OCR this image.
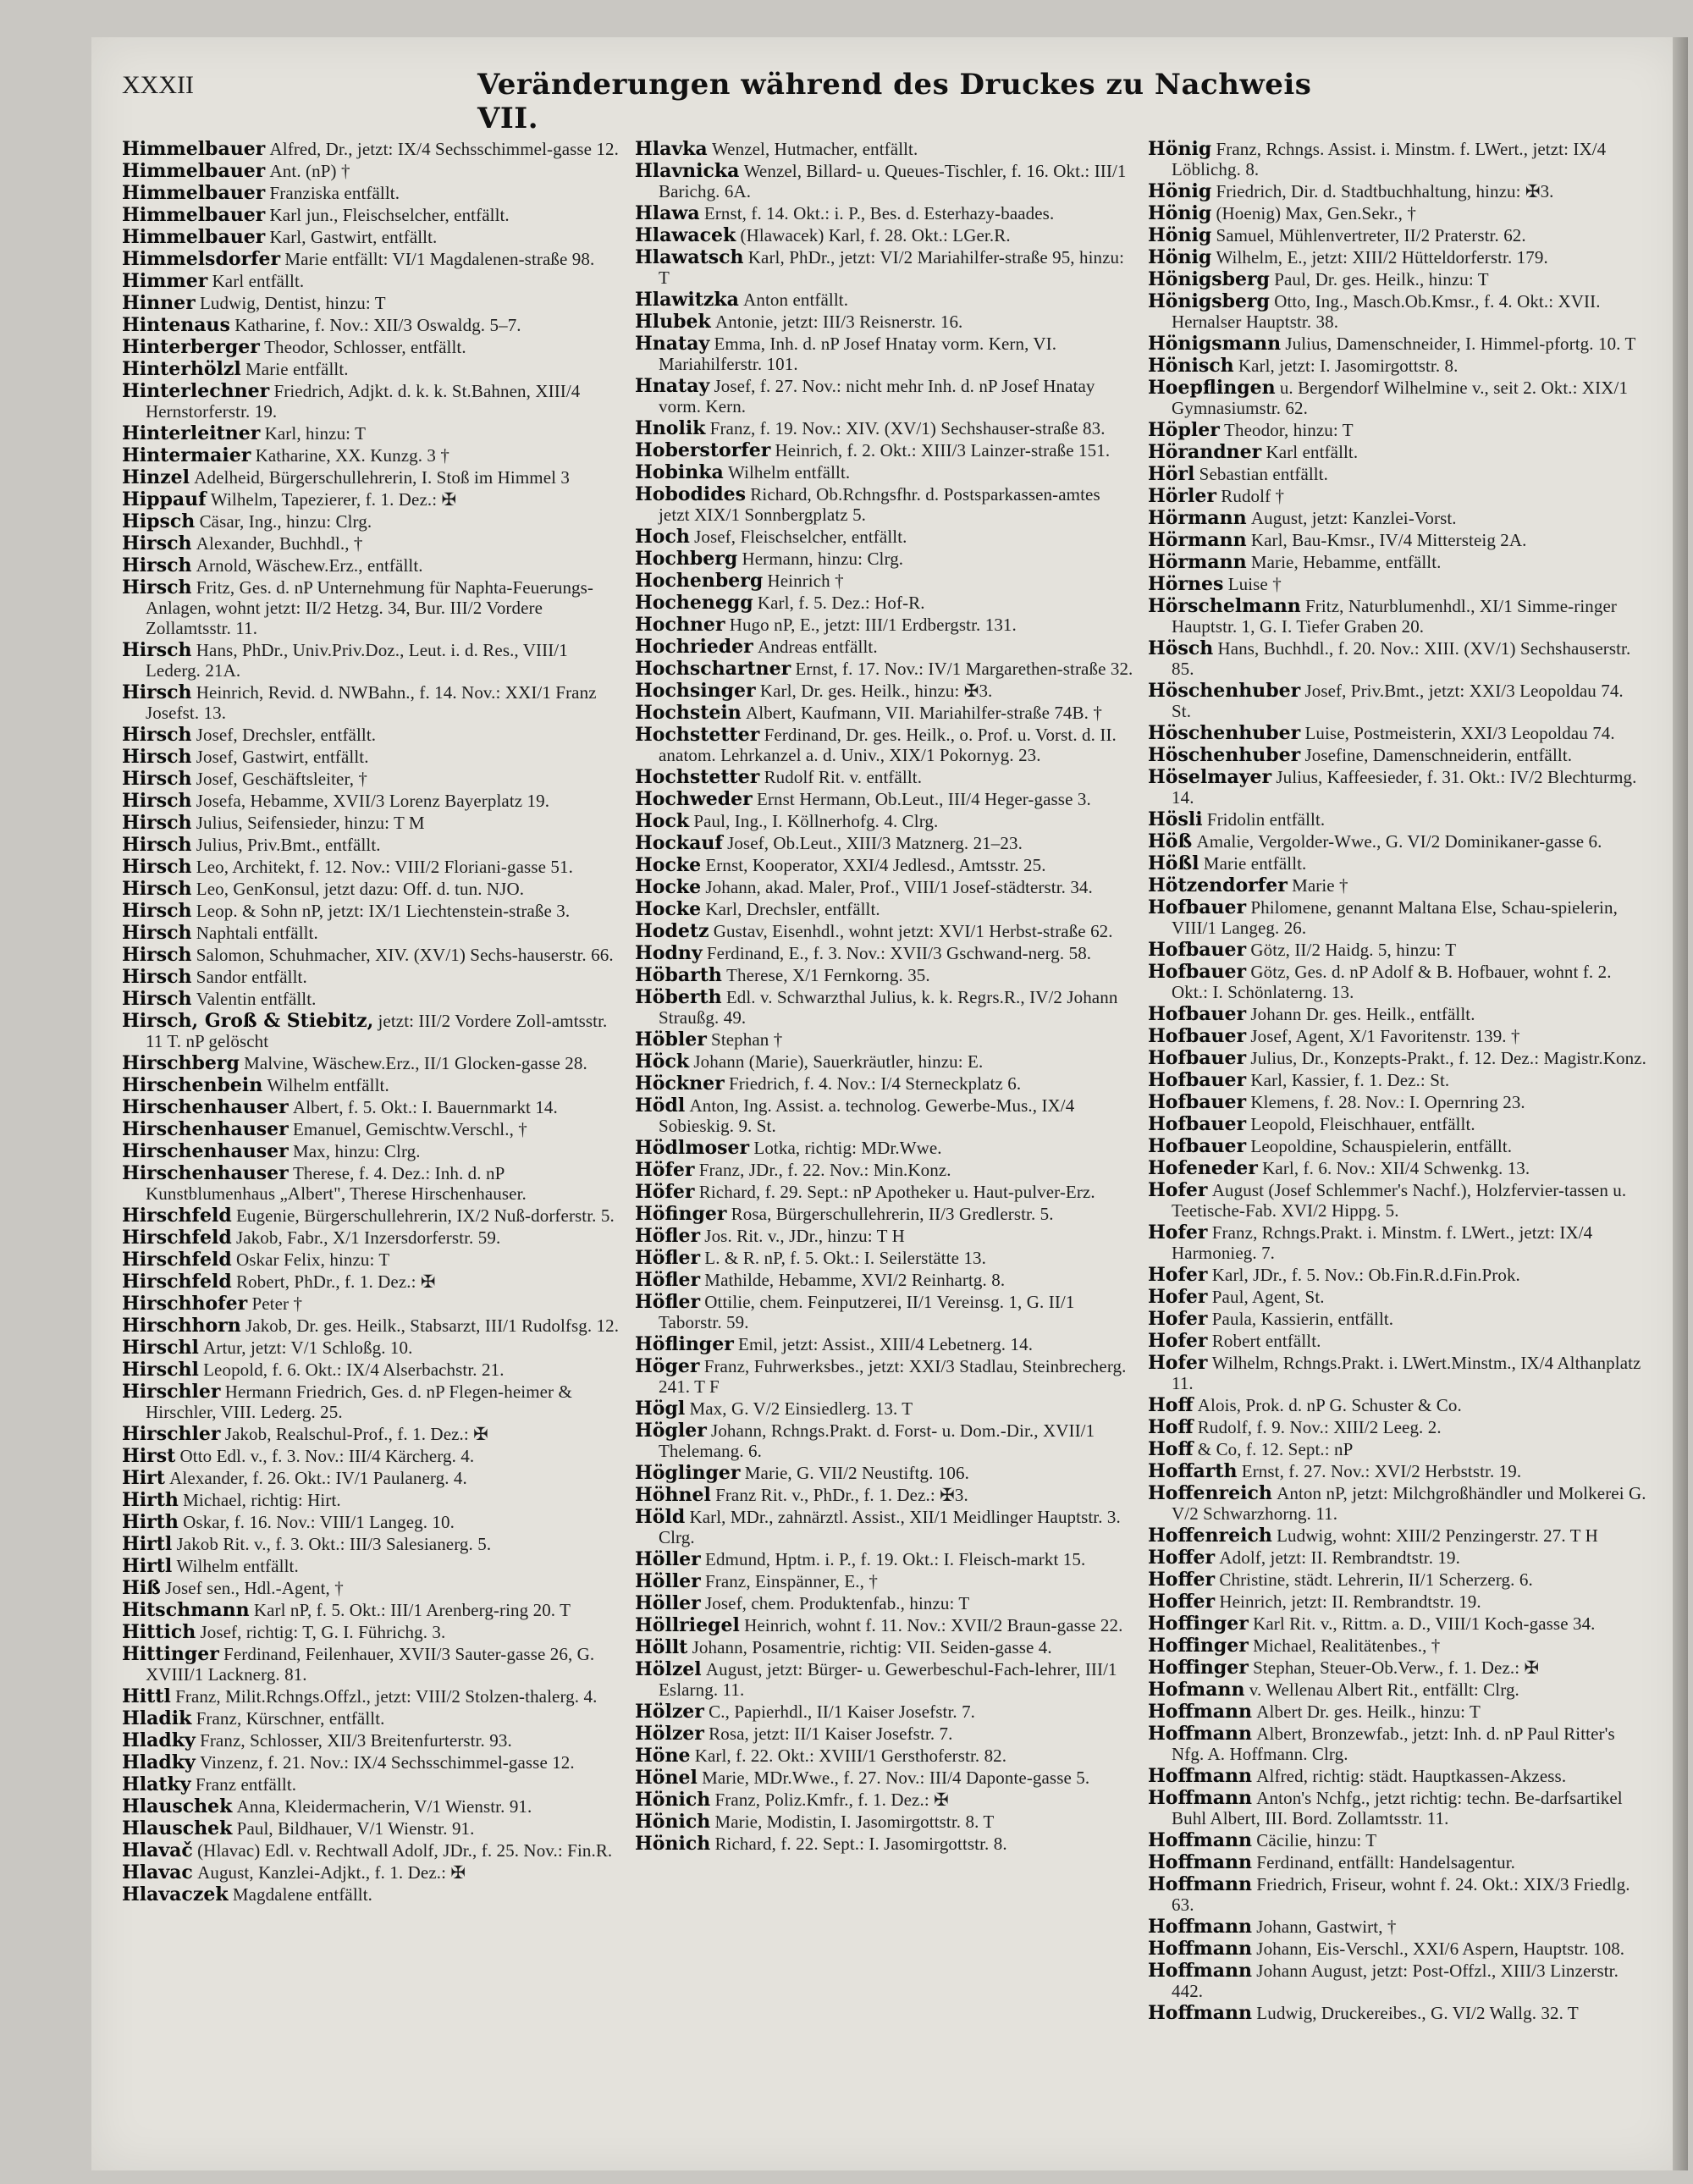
XXXII	Veränderungen während des Druckes zu Nachweis VII.
Himmelbauer Alfred, Dr., jetzt: IX/4 Sechsschimmel-gasse 12.
Himmelbauer Ant. (nP) †
Himmelbauer Franziska entfällt.
Himmelbauer Karl jun., Fleischselcher, entfällt.
Himmelbauer Karl, Gastwirt, entfällt.
Himmelsdorfer Marie entfällt: VI/1 Magdalenen-straße 98.
Himmer Karl entfällt.
Hinner Ludwig, Dentist, hinzu: T
Hintenaus Katharine, f. Nov.: XII/3 Oswaldg. 5–7.
Hinterberger Theodor, Schlosser, entfällt.
Hinterhölzl Marie entfällt.
Hinterlechner Friedrich, Adjkt. d. k. k. St.Bahnen, XIII/4 Hernstorferstr. 19.
Hinterleitner Karl, hinzu: T
Hintermaier Katharine, XX. Kunzg. 3 †
Hinzel Adelheid, Bürgerschullehrerin, I. Stoß im Himmel 3
Hippauf Wilhelm, Tapezierer, f. 1. Dez.: ✠
Hipsch Cäsar, Ing., hinzu: Clrg.
Hirsch Alexander, Buchhdl., †
Hirsch Arnold, Wäschew.Erz., entfällt.
Hirsch Fritz, Ges. d. nP Unternehmung für Naphta-Feuerungs-Anlagen, wohnt jetzt: II/2 Hetzg. 34, Bur. III/2 Vordere Zollamtsstr. 11.
Hirsch Hans, PhDr., Univ.Priv.Doz., Leut. i. d. Res., VIII/1 Lederg. 21A.
Hirsch Heinrich, Revid. d. NWBahn., f. 14. Nov.: XXI/1 Franz Josefst. 13.
Hirsch Josef, Drechsler, entfällt.
Hirsch Josef, Gastwirt, entfällt.
Hirsch Josef, Geschäftsleiter, †
Hirsch Josefa, Hebamme, XVII/3 Lorenz Bayerplatz 19.
Hirsch Julius, Seifensieder, hinzu: T M
Hirsch Julius, Priv.Bmt., entfällt.
Hirsch Leo, Architekt, f. 12. Nov.: VIII/2 Floriani-gasse 51.
Hirsch Leo, GenKonsul, jetzt dazu: Off. d. tun. NJO.
Hirsch Leop. & Sohn nP, jetzt: IX/1 Liechtenstein-straße 3.
Hirsch Naphtali entfällt.
Hirsch Salomon, Schuhmacher, XIV. (XV/1) Sechs-hauserstr. 66.
Hirsch Sandor entfällt.
Hirsch Valentin entfällt.
Hirsch, Groß & Stiebitz, jetzt: III/2 Vordere Zoll-amtsstr. 11 T. nP gelöscht
Hirschberg Malvine, Wäschew.Erz., II/1 Glocken-gasse 28.
Hirschenbein Wilhelm entfällt.
Hirschenhauser Albert, f. 5. Okt.: I. Bauernmarkt 14.
Hirschenhauser Emanuel, Gemischtw.Verschl., †
Hirschenhauser Max, hinzu: Clrg.
Hirschenhauser Therese, f. 4. Dez.: Inh. d. nP Kunstblumenhaus „Albert", Therese Hirschenhauser.
Hirschfeld Eugenie, Bürgerschullehrerin, IX/2 Nuß-dorferstr. 5.
Hirschfeld Jakob, Fabr., X/1 Inzersdorferstr. 59.
Hirschfeld Oskar Felix, hinzu: T
Hirschfeld Robert, PhDr., f. 1. Dez.: ✠
Hirschhofer Peter †
Hirschhorn Jakob, Dr. ges. Heilk., Stabsarzt, III/1 Rudolfsg. 12.
Hirschl Artur, jetzt: V/1 Schloßg. 10.
Hirschl Leopold, f. 6. Okt.: IX/4 Alserbachstr. 21.
Hirschler Hermann Friedrich, Ges. d. nP Flegen-heimer & Hirschler, VIII. Lederg. 25.
Hirschler Jakob, Realschul-Prof., f. 1. Dez.: ✠
Hirst Otto Edl. v., f. 3. Nov.: III/4 Kärcherg. 4.
Hirt Alexander, f. 26. Okt.: IV/1 Paulanerg. 4.
Hirth Michael, richtig: Hirt.
Hirth Oskar, f. 16. Nov.: VIII/1 Langeg. 10.
Hirtl Jakob Rit. v., f. 3. Okt.: III/3 Salesianerg. 5.
Hirtl Wilhelm entfällt.
Hiß Josef sen., Hdl.-Agent, †
Hitschmann Karl nP, f. 5. Okt.: III/1 Arenberg-ring 20. T
Hittich Josef, richtig: T, G. I. Führichg. 3.
Hittinger Ferdinand, Feilenhauer, XVII/3 Sauter-gasse 26, G. XVIII/1 Lacknerg. 81.
Hittl Franz, Milit.Rchngs.Offzl., jetzt: VIII/2 Stolzen-thalerg. 4.
Hladik Franz, Kürschner, entfällt.
Hladky Franz, Schlosser, XII/3 Breitenfurterstr. 93.
Hladky Vinzenz, f. 21. Nov.: IX/4 Sechsschimmel-gasse 12.
Hlatky Franz entfällt.
Hlauschek Anna, Kleidermacherin, V/1 Wienstr. 91.
Hlauschek Paul, Bildhauer, V/1 Wienstr. 91.
Hlavač (Hlavac) Edl. v. Rechtwall Adolf, JDr., f. 25. Nov.: Fin.R.
Hlavac August, Kanzlei-Adjkt., f. 1. Dez.: ✠
Hlavaczek Magdalene entfällt.
Hlavka Wenzel, Hutmacher, entfällt.
Hlavnicka Wenzel, Billard- u. Queues-Tischler, f. 16. Okt.: III/1 Barichg. 6A.
Hlawa Ernst, f. 14. Okt.: i. P., Bes. d. Esterhazy-baades.
Hlawacek (Hlawacek) Karl, f. 28. Okt.: LGer.R.
Hlawatsch Karl, PhDr., jetzt: VI/2 Mariahilfer-straße 95, hinzu: T
Hlawitzka Anton entfällt.
Hlubek Antonie, jetzt: III/3 Reisnerstr. 16.
Hnatay Emma, Inh. d. nP Josef Hnatay vorm. Kern, VI. Mariahilferstr. 101.
Hnatay Josef, f. 27. Nov.: nicht mehr Inh. d. nP Josef Hnatay vorm. Kern.
Hnolik Franz, f. 19. Nov.: XIV. (XV/1) Sechshauser-straße 83.
Hoberstorfer Heinrich, f. 2. Okt.: XIII/3 Lainzer-straße 151.
Hobinka Wilhelm entfällt.
Hobodides Richard, Ob.Rchngsfhr. d. Postsparkassen-amtes jetzt XIX/1 Sonnbergplatz 5.
Hoch Josef, Fleischselcher, entfällt.
Hochberg Hermann, hinzu: Clrg.
Hochenberg Heinrich †
Hochenegg Karl, f. 5. Dez.: Hof-R.
Hochner Hugo nP, E., jetzt: III/1 Erdbergstr. 131.
Hochrieder Andreas entfällt.
Hochschartner Ernst, f. 17. Nov.: IV/1 Margarethen-straße 32.
Hochsinger Karl, Dr. ges. Heilk., hinzu: ✠3.
Hochstein Albert, Kaufmann, VII. Mariahilfer-straße 74B. †
Hochstetter Ferdinand, Dr. ges. Heilk., o. Prof. u. Vorst. d. II. anatom. Lehrkanzel a. d. Univ., XIX/1 Pokornyg. 23.
Hochstetter Rudolf Rit. v. entfällt.
Hochweder Ernst Hermann, Ob.Leut., III/4 Heger-gasse 3.
Hock Paul, Ing., I. Köllnerhofg. 4. Clrg.
Hockauf Josef, Ob.Leut., XIII/3 Matznerg. 21–23.
Hocke Ernst, Kooperator, XXI/4 Jedlesd., Amtsstr. 25.
Hocke Johann, akad. Maler, Prof., VIII/1 Josef-städterstr. 34.
Hocke Karl, Drechsler, entfällt.
Hodetz Gustav, Eisenhdl., wohnt jetzt: XVI/1 Herbst-straße 62.
Hodny Ferdinand, E., f. 3. Nov.: XVII/3 Gschwand-nerg. 58.
Höbarth Therese, X/1 Fernkorng. 35.
Höberth Edl. v. Schwarzthal Julius, k. k. Regrs.R., IV/2 Johann Straußg. 49.
Höbler Stephan †
Höck Johann (Marie), Sauerkräutler, hinzu: E.
Höckner Friedrich, f. 4. Nov.: I/4 Sterneckplatz 6.
Hödl Anton, Ing. Assist. a. technolog. Gewerbe-Mus., IX/4 Sobieskig. 9. St.
Hödlmoser Lotka, richtig: MDr.Wwe.
Höfer Franz, JDr., f. 22. Nov.: Min.Konz.
Höfer Richard, f. 29. Sept.: nP Apotheker u. Haut-pulver-Erz.
Höfinger Rosa, Bürgerschullehrerin, II/3 Gredlerstr. 5.
Höfler Jos. Rit. v., JDr., hinzu: T H
Höfler L. & R. nP, f. 5. Okt.: I. Seilerstätte 13.
Höfler Mathilde, Hebamme, XVI/2 Reinhartg. 8.
Höfler Ottilie, chem. Feinputzerei, II/1 Vereinsg. 1, G. II/1 Taborstr. 59.
Höflinger Emil, jetzt: Assist., XIII/4 Lebetnerg. 14.
Höger Franz, Fuhrwerksbes., jetzt: XXI/3 Stadlau, Steinbrecherg. 241. T F
Högl Max, G. V/2 Einsiedlerg. 13. T
Högler Johann, Rchngs.Prakt. d. Forst- u. Dom.-Dir., XVII/1 Thelemang. 6.
Höglinger Marie, G. VII/2 Neustiftg. 106.
Höhnel Franz Rit. v., PhDr., f. 1. Dez.: ✠3.
Höld Karl, MDr., zahnärztl. Assist., XII/1 Meidlinger Hauptstr. 3. Clrg.
Höller Edmund, Hptm. i. P., f. 19. Okt.: I. Fleisch-markt 15.
Höller Franz, Einspänner, E., †
Höller Josef, chem. Produktenfab., hinzu: T
Höllriegel Heinrich, wohnt f. 11. Nov.: XVII/2 Braun-gasse 22.
Höllt Johann, Posamentrie, richtig: VII. Seiden-gasse 4.
Hölzel August, jetzt: Bürger- u. Gewerbeschul-Fach-lehrer, III/1 Eslarng. 11.
Hölzer C., Papierhdl., II/1 Kaiser Josefstr. 7.
Hölzer Rosa, jetzt: II/1 Kaiser Josefstr. 7.
Höne Karl, f. 22. Okt.: XVIII/1 Gersthoferstr. 82.
Hönel Marie, MDr.Wwe., f. 27. Nov.: III/4 Daponte-gasse 5.
Hönich Franz, Poliz.Kmfr., f. 1. Dez.: ✠
Hönich Marie, Modistin, I. Jasomirgottstr. 8. T
Hönich Richard, f. 22. Sept.: I. Jasomirgottstr. 8.
Hönig Franz, Rchngs. Assist. i. Minstm. f. LWert., jetzt: IX/4 Löblichg. 8.
Hönig Friedrich, Dir. d. Stadtbuchhaltung, hinzu: ✠3.
Hönig (Hoenig) Max, Gen.Sekr., †
Hönig Samuel, Mühlenvertreter, II/2 Praterstr. 62.
Hönig Wilhelm, E., jetzt: XIII/2 Hütteldorferstr. 179.
Hönigsberg Paul, Dr. ges. Heilk., hinzu: T
Hönigsberg Otto, Ing., Masch.Ob.Kmsr., f. 4. Okt.: XVII. Hernalser Hauptstr. 38.
Hönigsmann Julius, Damenschneider, I. Himmel-pfortg. 10. T
Hönisch Karl, jetzt: I. Jasomirgottstr. 8.
Hoepflingen u. Bergendorf Wilhelmine v., seit 2. Okt.: XIX/1 Gymnasiumstr. 62.
Höpler Theodor, hinzu: T
Hörandner Karl entfällt.
Hörl Sebastian entfällt.
Hörler Rudolf †
Hörmann August, jetzt: Kanzlei-Vorst.
Hörmann Karl, Bau-Kmsr., IV/4 Mittersteig 2A.
Hörmann Marie, Hebamme, entfällt.
Hörnes Luise †
Hörschelmann Fritz, Naturblumenhdl., XI/1 Simme-ringer Hauptstr. 1, G. I. Tiefer Graben 20.
Hösch Hans, Buchhdl., f. 20. Nov.: XIII. (XV/1) Sechshauserstr. 85.
Höschenhuber Josef, Priv.Bmt., jetzt: XXI/3 Leopoldau 74. St.
Höschenhuber Luise, Postmeisterin, XXI/3 Leopoldau 74.
Höschenhuber Josefine, Damenschneiderin, entfällt.
Höselmayer Julius, Kaffeesieder, f. 31. Okt.: IV/2 Blechturmg. 14.
Hösli Fridolin entfällt.
Höß Amalie, Vergolder-Wwe., G. VI/2 Dominikaner-gasse 6.
Hößl Marie entfällt.
Hötzendorfer Marie †
Hofbauer Philomene, genannt Maltana Else, Schau-spielerin, VIII/1 Langeg. 26.
Hofbauer Götz, II/2 Haidg. 5, hinzu: T
Hofbauer Götz, Ges. d. nP Adolf & B. Hofbauer, wohnt f. 2. Okt.: I. Schönlaterng. 13.
Hofbauer Johann Dr. ges. Heilk., entfällt.
Hofbauer Josef, Agent, X/1 Favoritenstr. 139. †
Hofbauer Julius, Dr., Konzepts-Prakt., f. 12. Dez.: Magistr.Konz.
Hofbauer Karl, Kassier, f. 1. Dez.: St.
Hofbauer Klemens, f. 28. Nov.: I. Opernring 23.
Hofbauer Leopold, Fleischhauer, entfällt.
Hofbauer Leopoldine, Schauspielerin, entfällt.
Hofeneder Karl, f. 6. Nov.: XII/4 Schwenkg. 13.
Hofer August (Josef Schlemmer's Nachf.), Holzfervier-tassen u. Teetische-Fab. XVI/2 Hippg. 5.
Hofer Franz, Rchngs.Prakt. i. Minstm. f. LWert., jetzt: IX/4 Harmonieg. 7.
Hofer Karl, JDr., f. 5. Nov.: Ob.Fin.R.d.Fin.Prok.
Hofer Paul, Agent, St.
Hofer Paula, Kassierin, entfällt.
Hofer Robert entfällt.
Hofer Wilhelm, Rchngs.Prakt. i. LWert.Minstm., IX/4 Althanplatz 11.
Hoff Alois, Prok. d. nP G. Schuster & Co.
Hoff Rudolf, f. 9. Nov.: XIII/2 Leeg. 2.
Hoff & Co, f. 12. Sept.: nP
Hoffarth Ernst, f. 27. Nov.: XVI/2 Herbststr. 19.
Hoffenreich Anton nP, jetzt: Milchgroßhändler und Molkerei G. V/2 Schwarzhorng. 11.
Hoffenreich Ludwig, wohnt: XIII/2 Penzingerstr. 27. T H
Hoffer Adolf, jetzt: II. Rembrandtstr. 19.
Hoffer Christine, städt. Lehrerin, II/1 Scherzerg. 6.
Hoffer Heinrich, jetzt: II. Rembrandtstr. 19.
Hoffinger Karl Rit. v., Rittm. a. D., VIII/1 Koch-gasse 34.
Hoffinger Michael, Realitätenbes., †
Hoffinger Stephan, Steuer-Ob.Verw., f. 1. Dez.: ✠
Hofmann v. Wellenau Albert Rit., entfällt: Clrg.
Hoffmann Albert Dr. ges. Heilk., hinzu: T
Hoffmann Albert, Bronzewfab., jetzt: Inh. d. nP Paul Ritter's Nfg. A. Hoffmann. Clrg.
Hoffmann Alfred, richtig: städt. Hauptkassen-Akzess.
Hoffmann Anton's Nchfg., jetzt richtig: techn. Be-darfsartikel Buhl Albert, III. Bord. Zollamtsstr. 11.
Hoffmann Cäcilie, hinzu: T
Hoffmann Ferdinand, entfällt: Handelsagentur.
Hoffmann Friedrich, Friseur, wohnt f. 24. Okt.: XIX/3 Friedlg. 63.
Hoffmann Johann, Gastwirt, †
Hoffmann Johann, Eis-Verschl., XXI/6 Aspern, Hauptstr. 108.
Hoffmann Johann August, jetzt: Post-Offzl., XIII/3 Linzerstr. 442.
Hoffmann Ludwig, Druckereibes., G. VI/2 Wallg. 32. T
